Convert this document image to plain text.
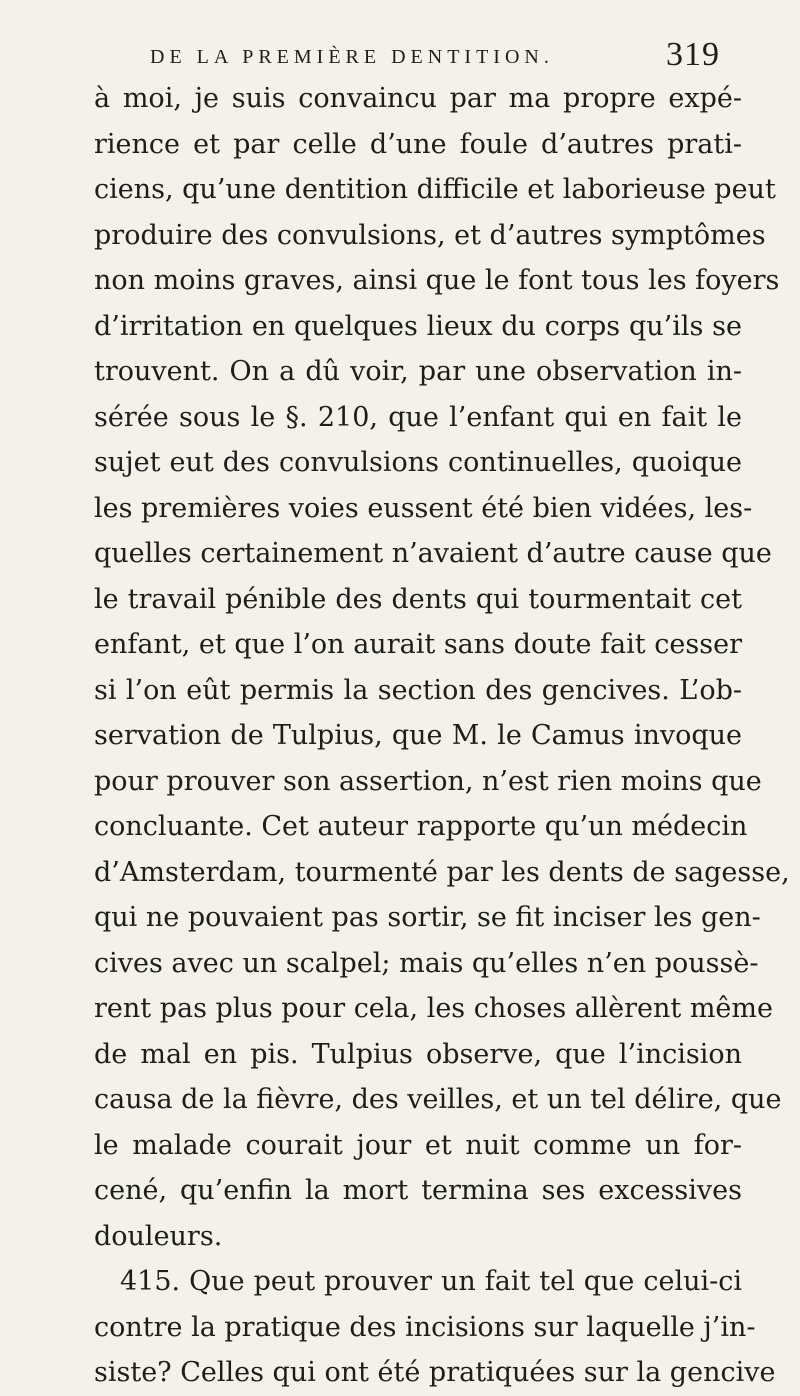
DE LA PREMIÈRE DENTITION.	319
à moi, je suis convaincu par ma propre expé-
rience et par celle d’une foule d’autres prati-
ciens, qu’une dentition difficile et laborieuse peut
produire des convulsions, et d’autres symptômes
non moins graves, ainsi que le font tous les foyers
d’irritation en quelques lieux du corps qu’ils se
trouvent. On a dû voir, par une observation in-
sérée sous le §. 210, que l’enfant qui en fait le
sujet eut des convulsions continuelles, quoique
les premières voies eussent été bien vidées, les-
quelles certainement n’avaient d’autre cause que
le travail pénible des dents qui tourmentait cet
enfant, et que l’on aurait sans doute fait cesser
si l’on eût permis la section des gencives. L’ob-
servation de Tulpius, que M. le Camus invoque
pour prouver son assertion, n’est rien moins que
concluante. Cet auteur rapporte qu’un médecin
d’Amsterdam, tourmenté par les dents de sagesse,
qui ne pouvaient pas sortir, se fit inciser les gen-
cives avec un scalpel; mais qu’elles n’en poussè-
rent pas plus pour cela, les choses allèrent même
de mal en pis. Tulpius observe, que l’incision
causa de la fièvre, des veilles, et un tel délire, que
le malade courait jour et nuit comme un for-
cené, qu’enfin la mort termina ses excessives
douleurs.
415. Que peut prouver un fait tel que celui-ci
contre la pratique des incisions sur laquelle j’in-
siste? Celles qui ont été pratiquées sur la gencive
